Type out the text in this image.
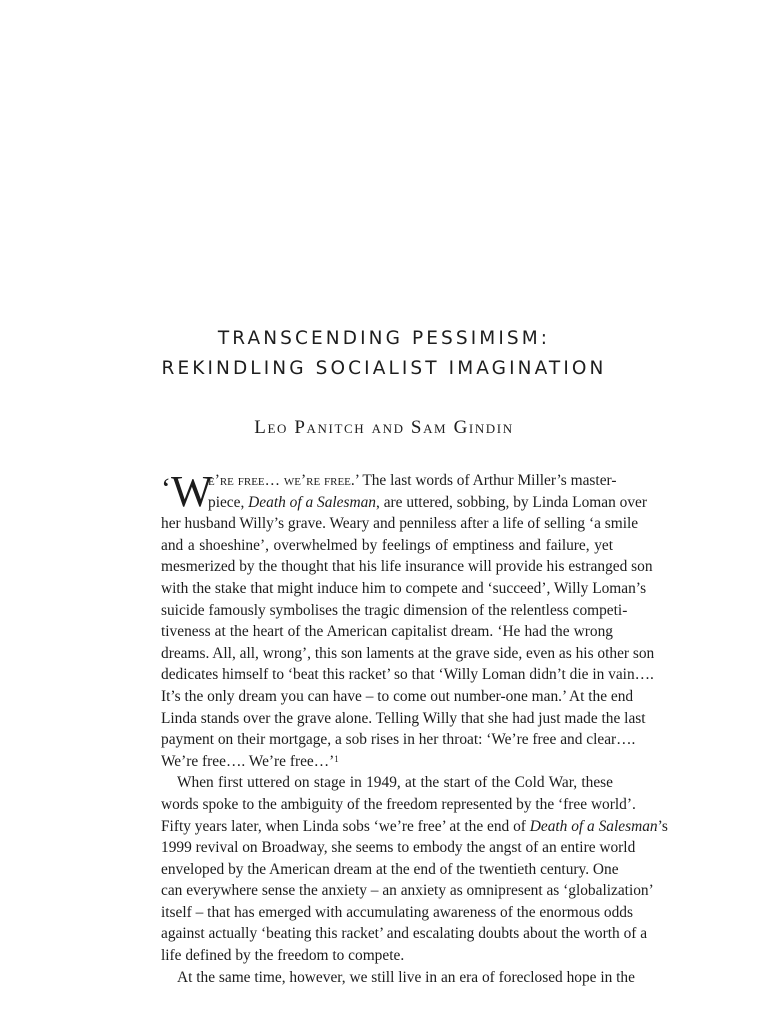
TRANSCENDING PESSIMISM:
REKINDLING SOCIALIST IMAGINATION
Leo Panitch and Sam Gindin
‘ W
e’re free… we’re free.’ The last words of Arthur Miller’s master-
piece, Death of a Salesman, are uttered, sobbing, by Linda Loman over
her husband Willy’s grave. Weary and penniless after a life of selling ‘a smile
and a shoeshine’, overwhelmed by feelings of emptiness and failure, yet
mesmerized by the thought that his life insurance will provide his estranged son
with the stake that might induce him to compete and ‘succeed’, Willy Loman’s
suicide famously symbolises the tragic dimension of the relentless competi-
tiveness at the heart of the American capitalist dream. ‘He had the wrong
dreams. All, all, wrong’, this son laments at the grave side, even as his other son
dedicates himself to ‘beat this racket’ so that ‘Willy Loman didn’t die in vain….
It’s the only dream you can have – to come out number-one man.’ At the end
Linda stands over the grave alone. Telling Willy that she had just made the last
payment on their mortgage, a sob rises in her throat: ‘We’re free and clear….
We’re free…. We’re free…’$^1$
When first uttered on stage in 1949, at the start of the Cold War, these
words spoke to the ambiguity of the freedom represented by the ‘free world’.
Fifty years later, when Linda sobs ‘we’re free’ at the end of Death of a Salesman’s
1999 revival on Broadway, she seems to embody the angst of an entire world
enveloped by the American dream at the end of the twentieth century. One
can everywhere sense the anxiety – an anxiety as omnipresent as ‘globalization’
itself – that has emerged with accumulating awareness of the enormous odds
against actually ‘beating this racket’ and escalating doubts about the worth of a
life defined by the freedom to compete.
At the same time, however, we still live in an era of foreclosed hope in the
